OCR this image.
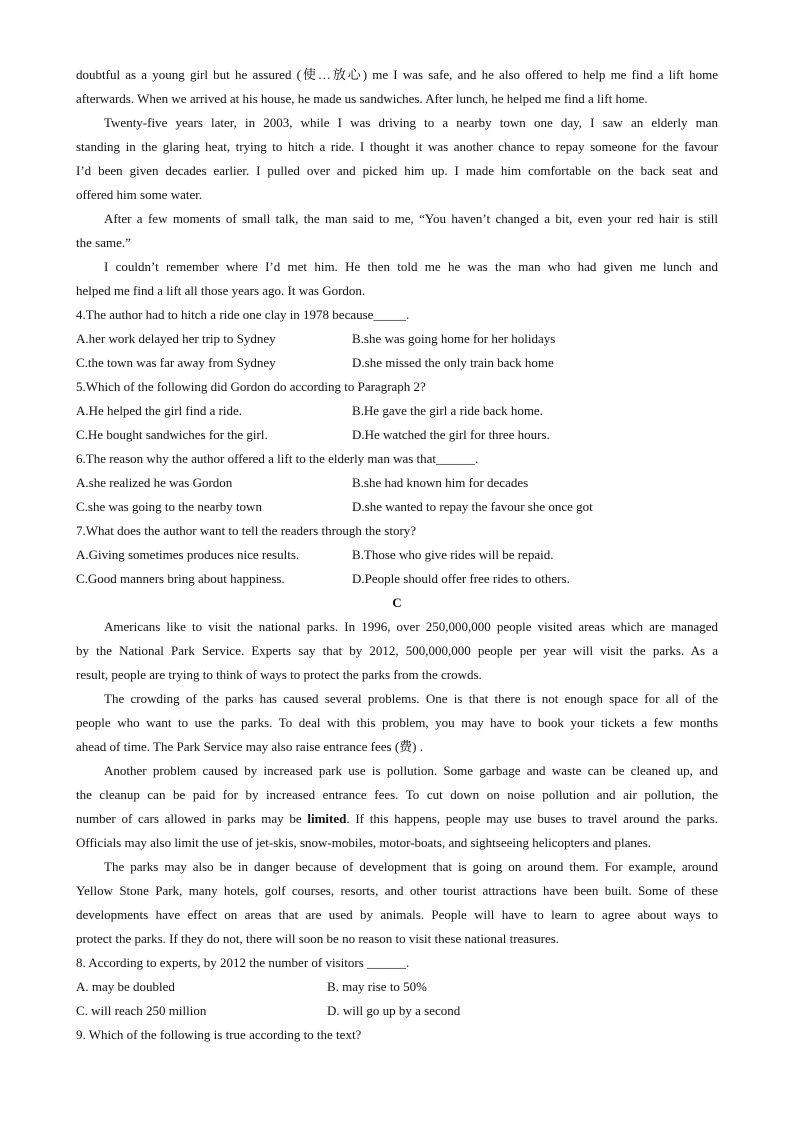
doubtful as a young girl but he assured (使…放心) me I was safe, and he also offered to help me find a lift home
afterwards. When we arrived at his house, he made us sandwiches. After lunch, he helped me find a lift home.
Twenty-five years later, in 2003, while I was driving to a nearby town one day, I saw an elderly man
standing in the glaring heat, trying to hitch a ride. I thought it was another chance to repay someone for the favour
I’d been given decades earlier. I pulled over and picked him up. I made him comfortable on the back seat and
offered him some water.
After a few moments of small talk, the man said to me, “You haven’t changed a bit, even your red hair is still
the same.”
I couldn’t remember where I’d met him. He then told me he was the man who had given me lunch and
helped me find a lift all those years ago. It was Gordon.
4.The author had to hitch a ride one clay in 1978 because_____.
A.her work delayed her trip to Sydney	B.she was going home for her holidays
C.the town was far away from Sydney	D.she missed the only train back home
5.Which of the following did Gordon do according to Paragraph 2?
A.He helped the girl find a ride.	B.He gave the girl a ride back home.
C.He bought sandwiches for the girl.	D.He watched the girl for three hours.
6.The reason why the author offered a lift to the elderly man was that______.
A.she realized he was Gordon	B.she had known him for decades
C.she was going to the nearby town	D.she wanted to repay the favour she once got
7.What does the author want to tell the readers through the story?
A.Giving sometimes produces nice results.	B.Those who give rides will be repaid.
C.Good manners bring about happiness.	D.People should offer free rides to others.
C
Americans like to visit the national parks. In 1996, over 250,000,000 people visited areas which are managed
by the National Park Service. Experts say that by 2012, 500,000,000 people per year will visit the parks. As a
result, people are trying to think of ways to protect the parks from the crowds.
The crowding of the parks has caused several problems. One is that there is not enough space for all of the
people who want to use the parks. To deal with this problem, you may have to book your tickets a few months
ahead of time. The Park Service may also raise entrance fees (费) .
Another problem caused by increased park use is pollution. Some garbage and waste can be cleaned up, and
the cleanup can be paid for by increased entrance fees. To cut down on noise pollution and air pollution, the
number of cars allowed in parks may be limited. If this happens, people may use buses to travel around the parks.
Officials may also limit the use of jet-skis, snow-mobiles, motor-boats, and sightseeing helicopters and planes.
The parks may also be in danger because of development that is going on around them. For example, around
Yellow Stone Park, many hotels, golf courses, resorts, and other tourist attractions have been built. Some of these
developments have effect on areas that are used by animals. People will have to learn to agree about ways to
protect the parks. If they do not, there will soon be no reason to visit these national treasures.
8. According to experts, by 2012 the number of visitors ______.
A. may be doubled	B. may rise to 50%
C. will reach 250 million	D. will go up by a second
9. Which of the following is true according to the text?
